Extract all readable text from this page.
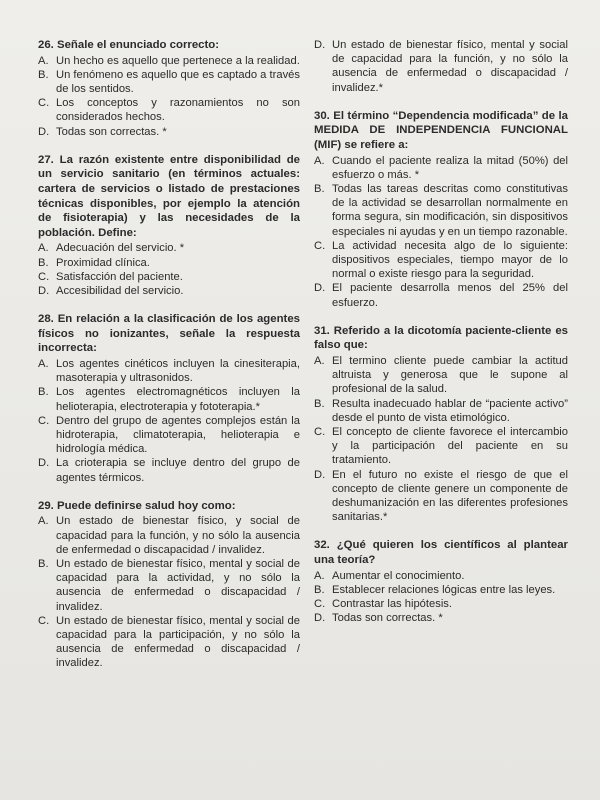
26. Señale el enunciado correcto:
A. Un hecho es aquello que pertenece a la realidad.
B. Un fenómeno es aquello que es captado a través de los sentidos.
C. Los conceptos y razonamientos no son considerados hechos.
D. Todas son correctas. *
27. La razón existente entre disponibilidad de un servicio sanitario (en términos actuales: cartera de servicios o listado de prestaciones técnicas disponibles, por ejemplo la atención de fisioterapia) y las necesidades de la población. Define:
A. Adecuación del servicio. *
B. Proximidad clínica.
C. Satisfacción del paciente.
D. Accesibilidad del servicio.
28. En relación a la clasificación de los agentes físicos no ionizantes, señale la respuesta incorrecta:
A. Los agentes cinéticos incluyen la cinesiterapia, masoterapia y ultrasonidos.
B. Los agentes electromagnéticos incluyen la helioterapia, electroterapia y fototerapia.*
C. Dentro del grupo de agentes complejos están la hidroterapia, climatoterapia, helioterapia e hidrología médica.
D. La crioterapia se incluye dentro del grupo de agentes térmicos.
29. Puede definirse salud hoy como:
A. Un estado de bienestar físico, y social de capacidad para la función, y no sólo la ausencia de enfermedad o discapacidad / invalidez.
B. Un estado de bienestar físico, mental y social de capacidad para la actividad, y no sólo la ausencia de enfermedad o discapacidad / invalidez.
C. Un estado de bienestar físico, mental y social de capacidad para la participación, y no sólo la ausencia de enfermedad o discapacidad / invalidez.
D. Un estado de bienestar físico, mental y social de capacidad para la función, y no sólo la ausencia de enfermedad o discapacidad / invalidez.*
30. El término “Dependencia modificada” de la MEDIDA DE INDEPENDENCIA FUNCIONAL (MIF) se refiere a:
A. Cuando el paciente realiza la mitad (50%) del esfuerzo o más. *
B. Todas las tareas descritas como constitutivas de la actividad se desarrollan normalmente en forma segura, sin modificación, sin dispositivos especiales ni ayudas y en un tiempo razonable.
C. La actividad necesita algo de lo siguiente: dispositivos especiales, tiempo mayor de lo normal o existe riesgo para la seguridad.
D. El paciente desarrolla menos del 25% del esfuerzo.
31. Referido a la dicotomía paciente-cliente es falso que:
A. El termino cliente puede cambiar la actitud altruista y generosa que le supone al profesional de la salud.
B. Resulta inadecuado hablar de “paciente activo” desde el punto de vista etimológico.
C. El concepto de cliente favorece el intercambio y la participación del paciente en su tratamiento.
D. En el futuro no existe el riesgo de que el concepto de cliente genere un componente de deshumanización en las diferentes profesiones sanitarias.*
32. ¿Qué quieren los científicos al plantear una teoría?
A. Aumentar el conocimiento.
B. Establecer relaciones lógicas entre las leyes.
C. Contrastar las hipótesis.
D. Todas son correctas. *
